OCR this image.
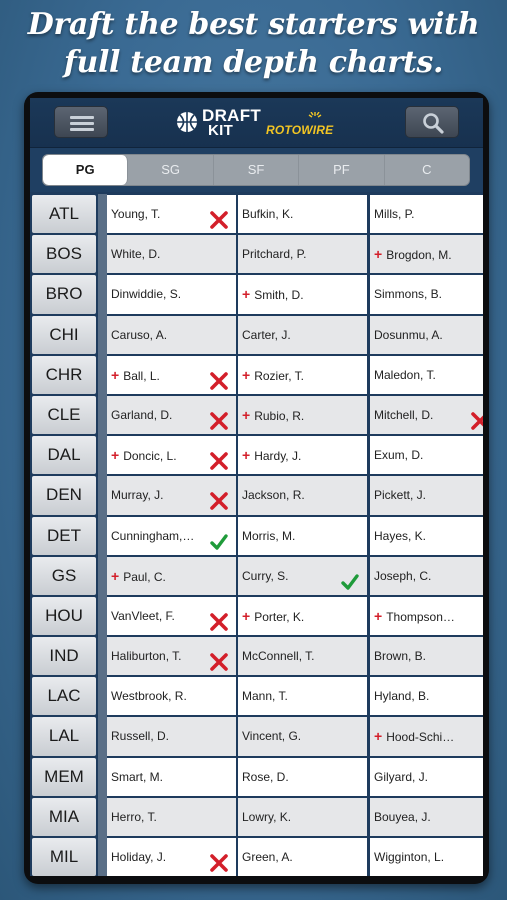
Draft the best starters with
full team depth charts.
DRAFT
KIT	ROTOWIRE
PG	SG	SF	PF	C
ATL	Young, T.	Bufkin, K.	Mills, P.
BOS	White, D.	Pritchard, P.	+ Brogdon, M.
BRO	Dinwiddie, S.	+ Smith, D.	Simmons, B.
CHI	Caruso, A.	Carter, J.	Dosunmu, A.
CHR	+ Ball, L.	+ Rozier, T.	Maledon, T.
CLE	Garland, D.	+ Rubio, R.	Mitchell, D.
DAL	+ Doncic, L.	+ Hardy, J.	Exum, D.
DEN	Murray, J.	Jackson, R.	Pickett, J.
DET	Cunningham,…	Morris, M.	Hayes, K.
GS	+ Paul, C.	Curry, S.	Joseph, C.
HOU	VanVleet, F.	+ Porter, K.	+ Thompson…
IND	Haliburton, T.	McConnell, T.	Brown, B.
LAC	Westbrook, R.	Mann, T.	Hyland, B.
LAL	Russell, D.	Vincent, G.	+ Hood-Schi…
MEM	Smart, M.	Rose, D.	Gilyard, J.
MIA	Herro, T.	Lowry, K.	Bouyea, J.
MIL	Holiday, J.	Green, A.	Wigginton, L.
